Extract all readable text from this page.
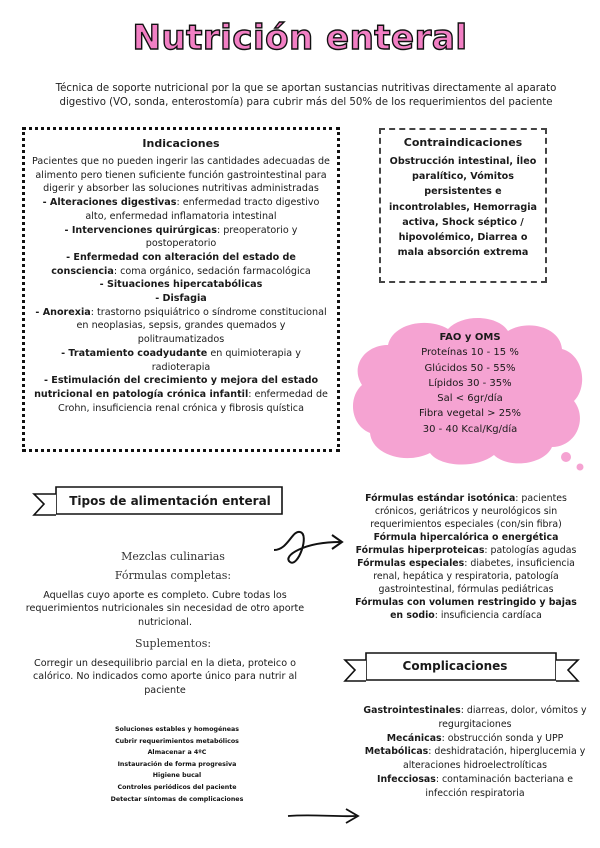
Nutrición enteral
Técnica de soporte nutricional por la que se aportan sustancias nutritivas directamente al aparato digestivo (VO, sonda, enterostomía) para cubrir más del 50% de los requerimientos del paciente
Indicaciones
Pacientes que no pueden ingerir las cantidades adecuadas de alimento pero tienen suficiente función gastrointestinal para digerir y absorber las soluciones nutritivas administradas
- Alteraciones digestivas: enfermedad tracto digestivo alto, enfermedad inflamatoria intestinal
- Intervenciones quirúrgicas: preoperatorio y postoperatorio
- Enfermedad con alteración del estado de consciencia: coma orgánico, sedación farmacológica
- Situaciones hipercatabólicas
- Disfagia
- Anorexia: trastorno psiquiátrico o síndrome constitucional en neoplasias, sepsis, grandes quemados y politraumatizados
- Tratamiento coadyudante en quimioterapia y radioterapia
- Estimulación del crecimiento y mejora del estado nutricional en patología crónica infantil: enfermedad de Crohn, insuficiencia renal crónica y fibrosis quística
Contraindicaciones
Obstrucción intestinal, Íleo paralítico, Vómitos persistentes e incontrolables, Hemorragia activa, Shock séptico / hipovolémico, Diarrea o mala absorción extrema
FAO y OMS
Proteínas 10 - 15 %
Glúcidos 50 - 55%
Lípidos 30 - 35%
Sal < 6gr/día
Fibra vegetal > 25%
30 - 40 Kcal/Kg/día
Tipos de alimentación enteral
Mezclas culinarias
Fórmulas completas:
Aquellas cuyo aporte es completo. Cubre todas los requerimientos nutricionales sin necesidad de otro aporte nutricional.
Suplementos:
Corregir un desequilibrio parcial en la dieta, proteico o calórico. No indicados como aporte único para nutrir al paciente
Fórmulas estándar isotónica: pacientes crónicos, geriátricos y neurológicos sin requerimientos especiales (con/sin fibra)
Fórmula hipercalórica o energética
Fórmulas hiperproteicas: patologías agudas
Fórmulas especiales: diabetes, insuficiencia renal, hepática y respiratoria, patología gastrointestinal, fórmulas pediátricas
Fórmulas con volumen restringido y bajas en sodio: insuficiencia cardíaca
Soluciones estables y homogéneas
Cubrir requerimientos metabólicos
Almacenar a 4ºC
Instauración de forma progresiva
Higiene bucal
Controles periódicos del paciente
Detectar síntomas de complicaciones
Complicaciones
Gastrointestinales: diarreas, dolor, vómitos y regurgitaciones
Mecánicas: obstrucción sonda y UPP
Metabólicas: deshidratación, hiperglucemia y alteraciones hidroelectrolíticas
Infecciosas: contaminación bacteriana e infección respiratoria
